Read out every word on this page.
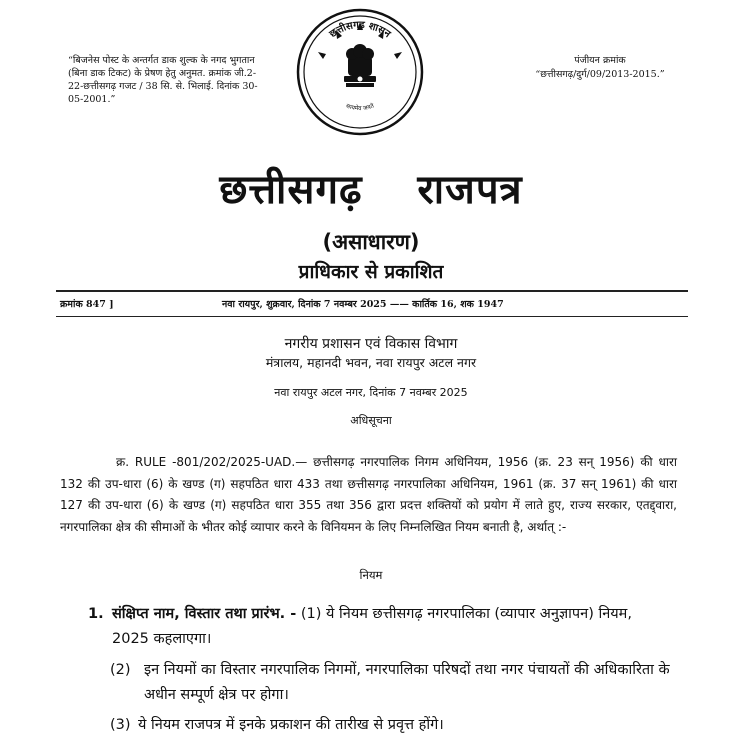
“बिजनेस पोस्ट के अन्तर्गत डाक शुल्क के नगद भुगतान (बिना डाक टिकट) के प्रेषण हेतु अनुमत. क्रमांक जी.2-22-छत्तीसगढ़ गजट / 38 सि. से. भिलाई. दिनांक 30-05-2001.”
पंजीयन क्रमांक
“छत्तीसगढ़/दुर्ग/09/2013-2015.”
छत्तीसगढ़ शासन
सत्यमेव जयते
छत्तीसगढ़ राजपत्र
(असाधारण)
प्राधिकार से प्रकाशित
क्रमांक 847 ]	नवा रायपुर, शुक्रवार, दिनांक 7 नवम्बर 2025 —— कार्तिक 16, शक 1947
नगरीय प्रशासन एवं विकास विभाग
मंत्रालय, महानदी भवन, नवा रायपुर अटल नगर
नवा रायपुर अटल नगर, दिनांक 7 नवम्बर 2025
अधिसूचना
क्र. RULE -801/202/2025-UAD.— छत्तीसगढ़ नगरपालिक निगम अधिनियम, 1956 (क्र. 23 सन् 1956) की धारा 132 की उप-धारा (6) के खण्ड (ग) सहपठित धारा 433 तथा छत्तीसगढ़ नगरपालिका अधिनियम, 1961 (क्र. 37 सन् 1961) की धारा 127 की उप-धारा (6) के खण्ड (ग) सहपठित धारा 355 तथा 356 द्वारा प्रदत्त शक्तियों को प्रयोग में लाते हुए, राज्य सरकार, एतद्द्वारा, नगरपालिका क्षेत्र की सीमाओं के भीतर कोई व्यापार करने के विनियमन के लिए निम्नलिखित नियम बनाती है, अर्थात् :-
नियम
1. संक्षिप्त नाम, विस्तार तथा प्रारंभ. - (1) ये नियम छत्तीसगढ़ नगरपालिका (व्यापार अनुज्ञापन) नियम, 2025 कहलाएगा।
(2) इन नियमों का विस्तार नगरपालिक निगमों, नगरपालिका परिषदों तथा नगर पंचायतों की अधिकारिता के अधीन सम्पूर्ण क्षेत्र पर होगा।
(3) ये नियम राजपत्र में इनके प्रकाशन की तारीख से प्रवृत्त होंगे।
